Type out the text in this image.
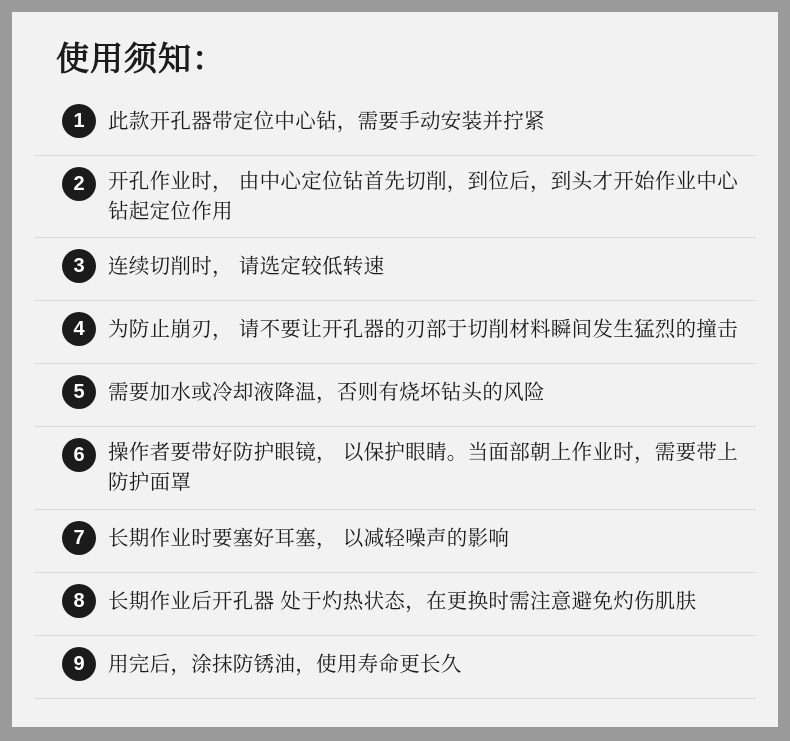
使用须知：
1	此款开孔器带定位中心钻，需要手动安装并拧紧
2	开孔作业时， 由中心定位钻首先切削，到位后，到头才开始作业中心钻起定位作用
3	连续切削时， 请选定较低转速
4	为防止崩刃， 请不要让开孔器的刃部于切削材料瞬间发生猛烈的撞击
5	需要加水或冷却液降温，否则有烧坏钻头的风险
6	操作者要带好防护眼镜， 以保护眼睛。当面部朝上作业时，需要带上防护面罩
7	长期作业时要塞好耳塞， 以减轻噪声的影响
8	长期作业后开孔器 处于灼热状态，在更换时需注意避免灼伤肌肤
9	用完后，涂抹防锈油，使用寿命更长久
